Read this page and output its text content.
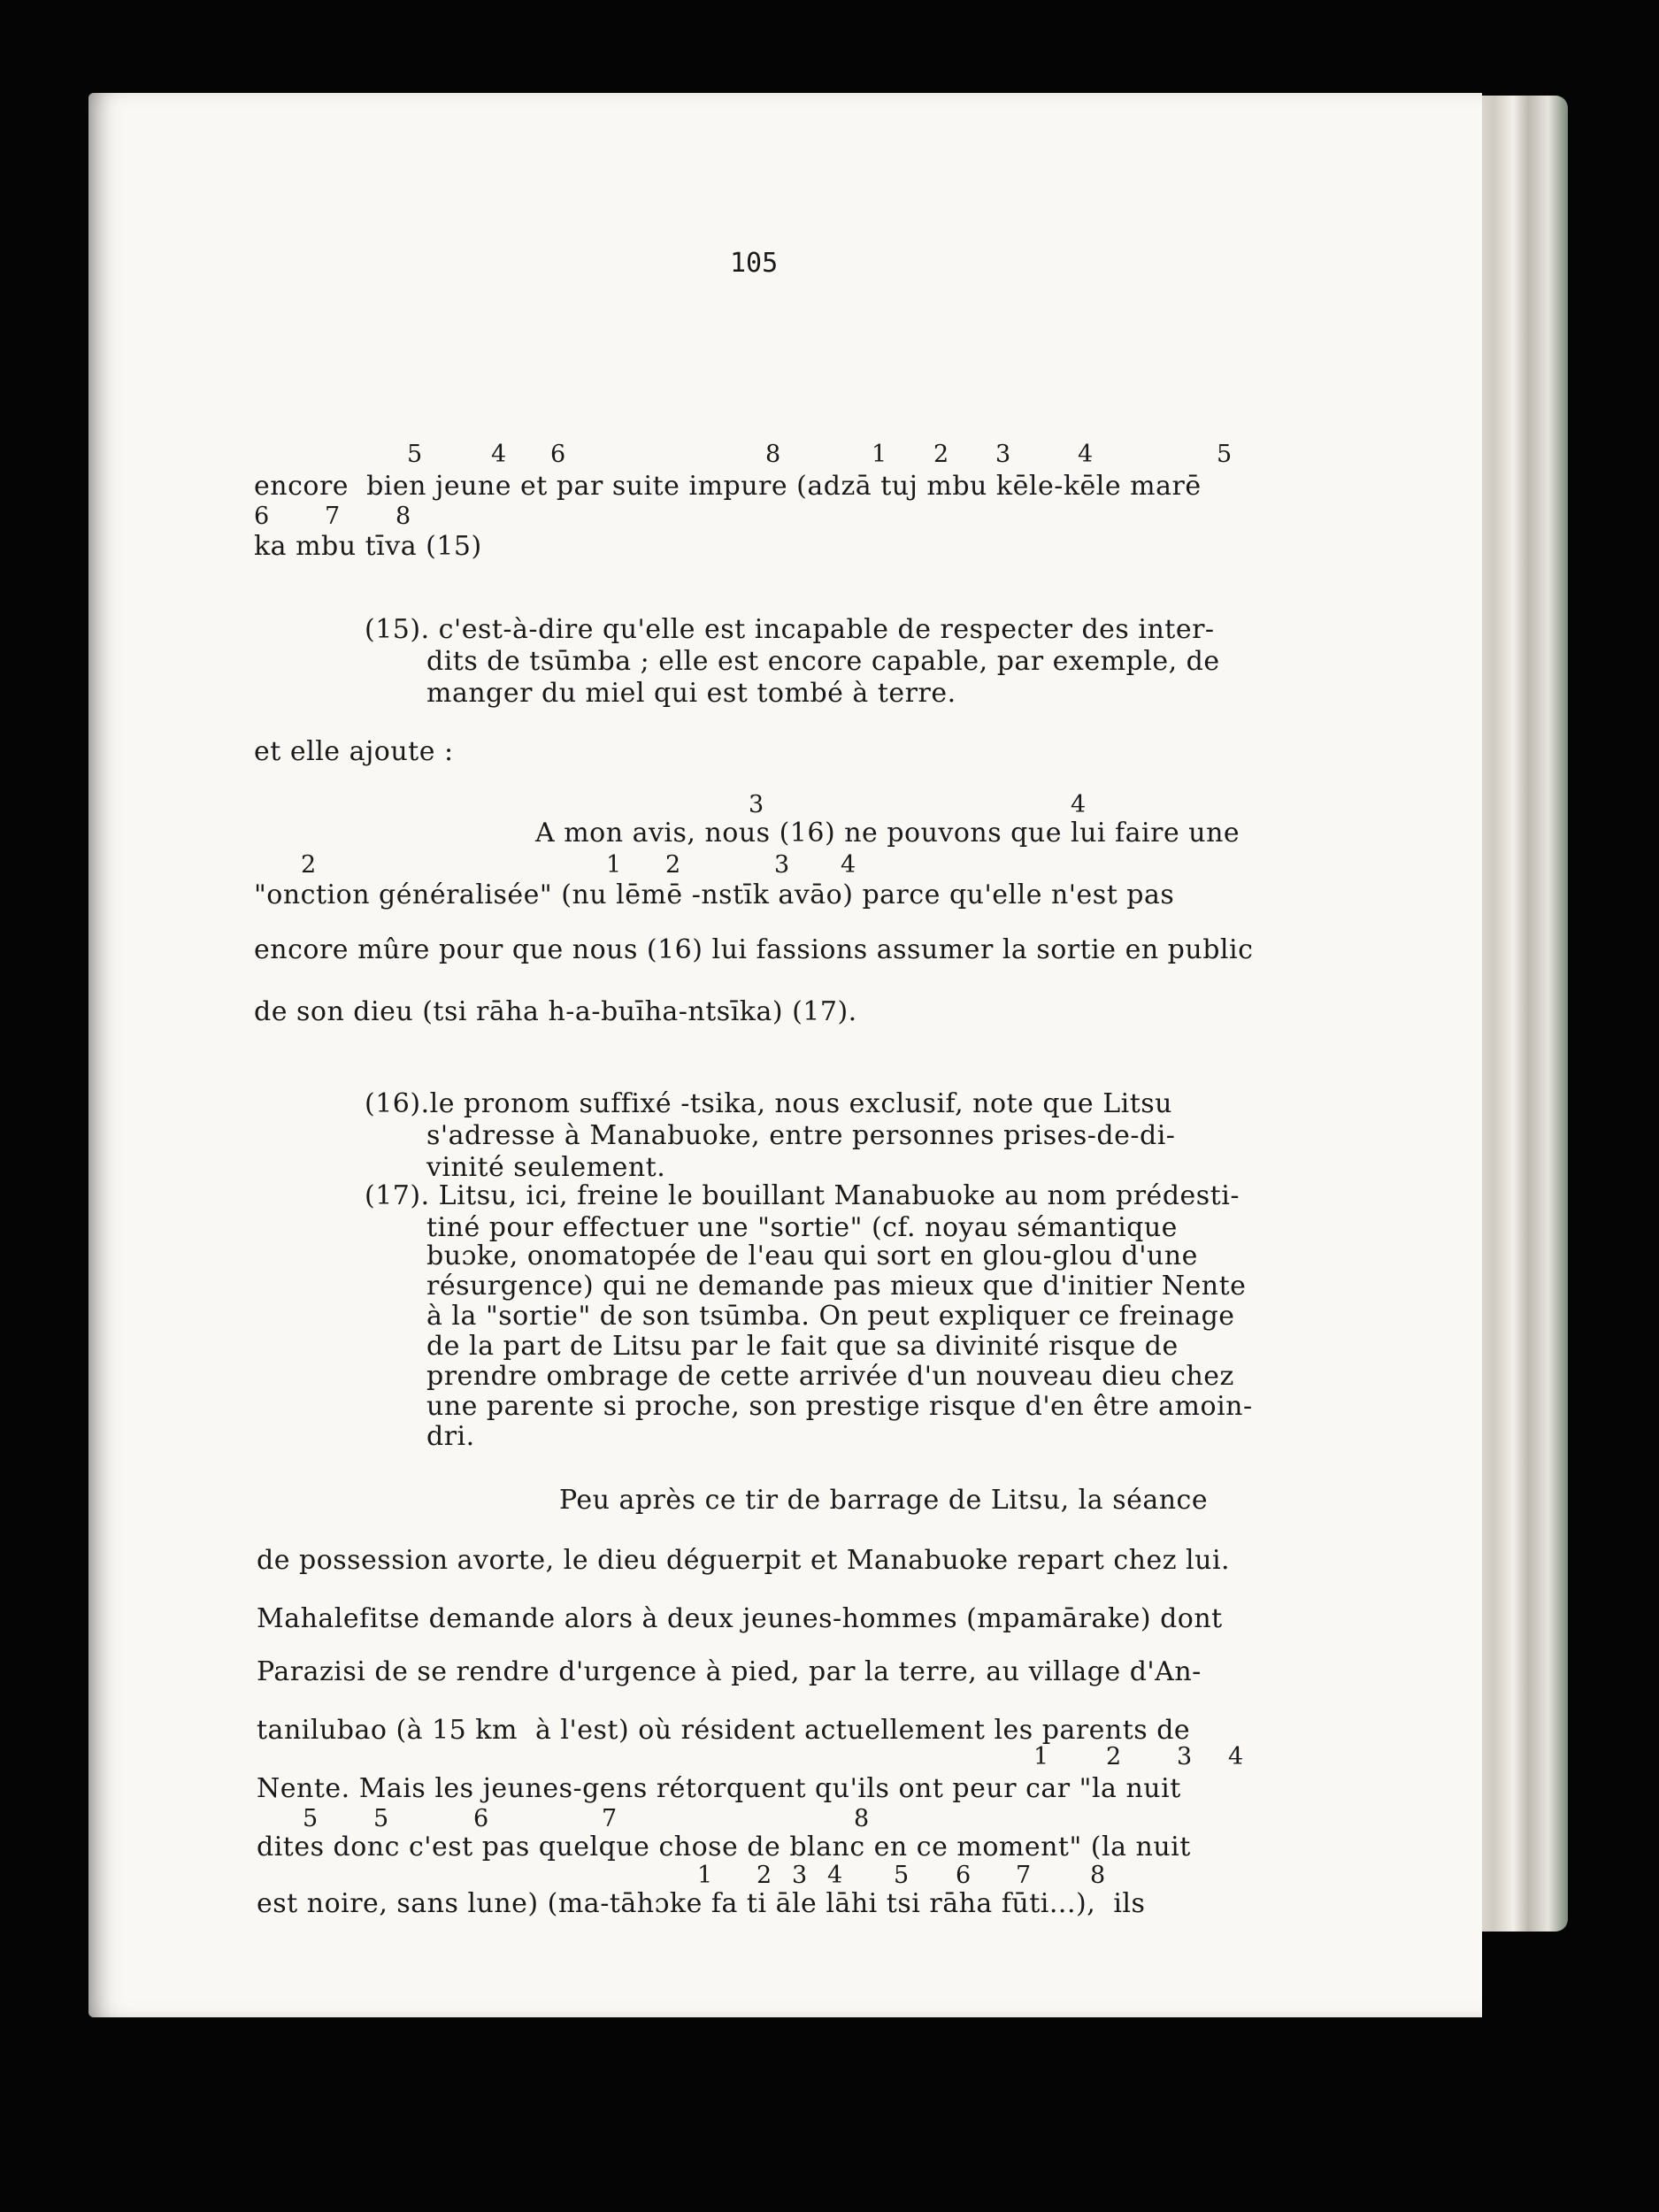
105
5	4 6	8	1 2 3	4	5
encore  bien jeune et par suite impure (adzā tuj mbu kēle-kēle marē
6 7 8
ka mbu tīva (15)
(15). c'est-à-dire qu'elle est incapable de respecter des inter-
dits de tsūmba ; elle est encore capable, par exemple, de
manger du miel qui est tombé à terre.
et elle ajoute :
3	4
A mon avis, nous (16) ne pouvons que lui faire une
2	1 2	3 4
"onction généralisée" (nu lēmē -nstīk avāo) parce qu'elle n'est pas
encore mûre pour que nous (16) lui fassions assumer la sortie en public
de son dieu (tsi rāha h-a-buīha-ntsīka) (17).
(16).le pronom suffixé -tsika, nous exclusif, note que Litsu
s'adresse à Manabuoke, entre personnes prises-de-di-
vinité seulement.
(17). Litsu, ici, freine le bouillant Manabuoke au nom prédesti-
tiné pour effectuer une "sortie" (cf. noyau sémantique
buɔke, onomatopée de l'eau qui sort en glou-glou d'une
résurgence) qui ne demande pas mieux que d'initier Nente
à la "sortie" de son tsūmba. On peut expliquer ce freinage
de la part de Litsu par le fait que sa divinité risque de
prendre ombrage de cette arrivée d'un nouveau dieu chez
une parente si proche, son prestige risque d'en être amoin-
dri.
Peu après ce tir de barrage de Litsu, la séance
de possession avorte, le dieu déguerpit et Manabuoke repart chez lui.
Mahalefitse demande alors à deux jeunes-hommes (mpamārake) dont
Parazisi de se rendre d'urgence à pied, par la terre, au village d'An-
tanilubao (à 15 km  à l'est) où résident actuellement les parents de
1 2 3 4
Nente. Mais les jeunes-gens rétorquent qu'ils ont peur car "la nuit
5 5	6	7	8
dites donc c'est pas quelque chose de blanc en ce moment" (la nuit
1 2 3 4 5 6 7 8
est noire, sans lune) (ma-tāhɔke fa ti āle lāhi tsi rāha fūti...),  ils
